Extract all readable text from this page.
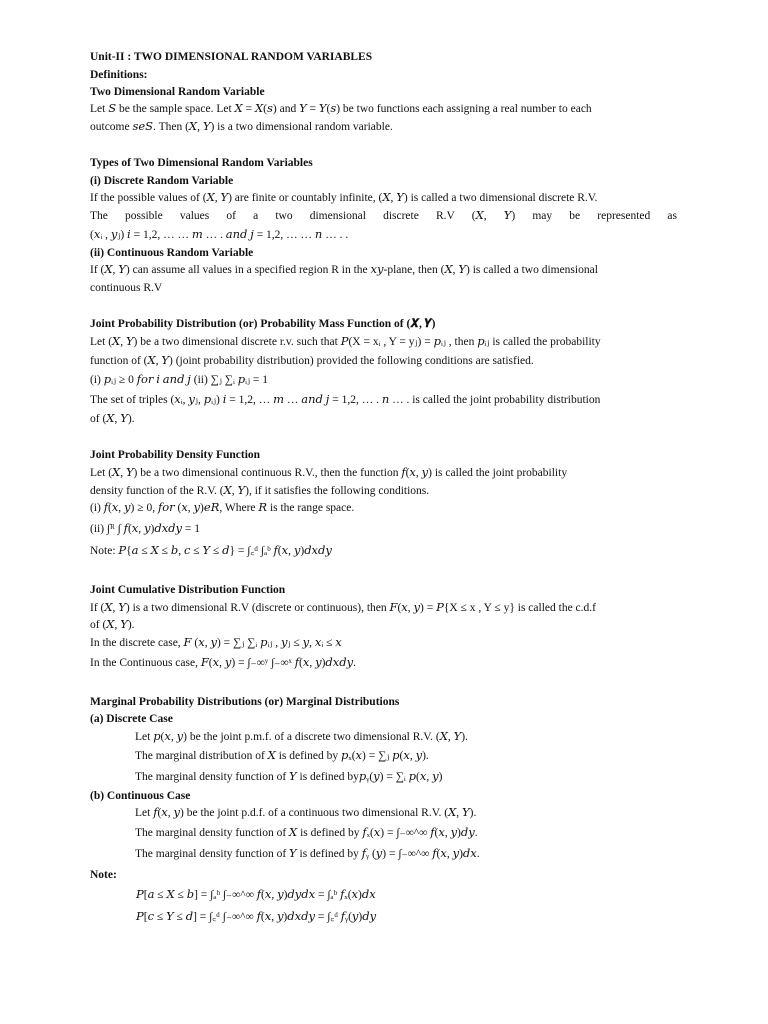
Unit-II : TWO DIMENSIONAL RANDOM VARIABLES
Definitions:
Two Dimensional Random Variable
Let 𝑆 be the sample space. Let 𝑋 = 𝑋(𝑠) and 𝑌 = 𝑌(𝑠) be two functions each assigning a real number to each
outcome 𝑠𝑒𝑆. Then (𝑋, 𝑌) is a two dimensional random variable.
Types of Two Dimensional Random Variables
(i) Discrete Random Variable
If the possible values of (𝑋, 𝑌) are finite or countably infinite, (𝑋, 𝑌) is called a two dimensional discrete R.V.
The possible values of a two dimensional discrete R.V (𝑋, 𝑌) may be represented as
(𝑥ᵢ , 𝑦ⱼ) 𝑖 = 1,2, … … 𝑚 … . 𝑎𝑛𝑑 𝑗 = 1,2, … … 𝑛 … . .
(ii) Continuous Random Variable
If (𝑋, 𝑌) can assume all values in a specified region R in the 𝑥𝑦-plane, then (𝑋, 𝑌) is called a two dimensional
continuous R.V
Joint Probability Distribution (or) Probability Mass Function of (𝑿, 𝒀)
Let (𝑋, 𝑌) be a two dimensional discrete r.v. such that 𝑃(X = xᵢ , Y = yⱼ) = 𝑝ᵢⱼ , then 𝑝ᵢⱼ is called the probability
function of (𝑋, 𝑌) (joint probability distribution) provided the following conditions are satisfied.
(i) 𝑝ᵢⱼ ≥ 0 𝑓𝑜𝑟 𝑖 𝑎𝑛𝑑 𝑗 (ii) ∑ⱼ ∑ᵢ 𝑝ᵢⱼ = 1
The set of triples (𝑥ᵢ, 𝑦ⱼ, 𝑝ᵢⱼ) 𝑖 = 1,2, … 𝑚 … 𝑎𝑛𝑑 𝑗 = 1,2, … . 𝑛 … . is called the joint probability distribution
of (𝑋, 𝑌).
Joint Probability Density Function
Let (𝑋, 𝑌) be a two dimensional continuous R.V., then the function 𝑓(𝑥, 𝑦) is called the joint probability
density function of the R.V. (𝑋, 𝑌), if it satisfies the following conditions.
(i) 𝑓(𝑥, 𝑦) ≥ 0, 𝑓𝑜𝑟 (𝑥, 𝑦)𝑒𝑅, Where 𝑅 is the range space.
(ii) ∫ᴿ ∫ 𝑓(𝑥, 𝑦)𝑑𝑥𝑑𝑦 = 1
Note: 𝑃{𝑎 ≤ 𝑋 ≤ 𝑏, 𝑐 ≤ 𝑌 ≤ 𝑑} = ∫꜀ᵈ ∫ₐᵇ 𝑓(𝑥, 𝑦)𝑑𝑥𝑑𝑦
Joint Cumulative Distribution Function
If (𝑋, 𝑌) is a two dimensional R.V (discrete or continuous), then 𝐹(𝑥, 𝑦) = 𝑃{X ≤ x , Y ≤ y} is called the c.d.f
of (𝑋, 𝑌).
In the discrete case, 𝐹 (𝑥, 𝑦) = ∑ⱼ ∑ᵢ 𝑝ᵢⱼ , 𝑦ⱼ ≤ 𝑦, 𝑥ᵢ ≤ 𝑥
In the Continuous case, 𝐹(𝑥, 𝑦) = ∫₋∞ʸ ∫₋∞ˣ 𝑓(𝑥, 𝑦)𝑑𝑥𝑑𝑦.
Marginal Probability Distributions (or) Marginal Distributions
(a) Discrete Case
Let 𝑝(𝑥, 𝑦) be the joint p.m.f. of a discrete two dimensional R.V. (𝑋, 𝑌).
The marginal distribution of 𝑋 is defined by 𝑝ₓ(𝑥) = ∑ⱼ 𝑝(𝑥, 𝑦).
The marginal density function of 𝑌 is defined by𝑝ᵧ(𝑦) = ∑ᵢ 𝑝(𝑥, 𝑦)
(b) Continuous Case
Let 𝑓(𝑥, 𝑦) be the joint p.d.f. of a continuous two dimensional R.V. (𝑋, 𝑌).
The marginal density function of 𝑋 is defined by 𝑓ₓ(𝑥) = ∫₋∞^∞ 𝑓(𝑥, 𝑦)𝑑𝑦.
The marginal density function of 𝑌 is defined by 𝑓ᵧ (𝑦) = ∫₋∞^∞ 𝑓(𝑥, 𝑦)𝑑𝑥.
Note:
𝑃[𝑎 ≤ 𝑋 ≤ 𝑏] = ∫ₐᵇ ∫₋∞^∞ 𝑓(𝑥, 𝑦)𝑑𝑦𝑑𝑥 = ∫ₐᵇ 𝑓ₓ(𝑥)𝑑𝑥
𝑃[𝑐 ≤ 𝑌 ≤ 𝑑] = ∫꜀ᵈ ∫₋∞^∞ 𝑓(𝑥, 𝑦)𝑑𝑥𝑑𝑦 = ∫꜀ᵈ 𝑓ᵧ(𝑦)𝑑𝑦
